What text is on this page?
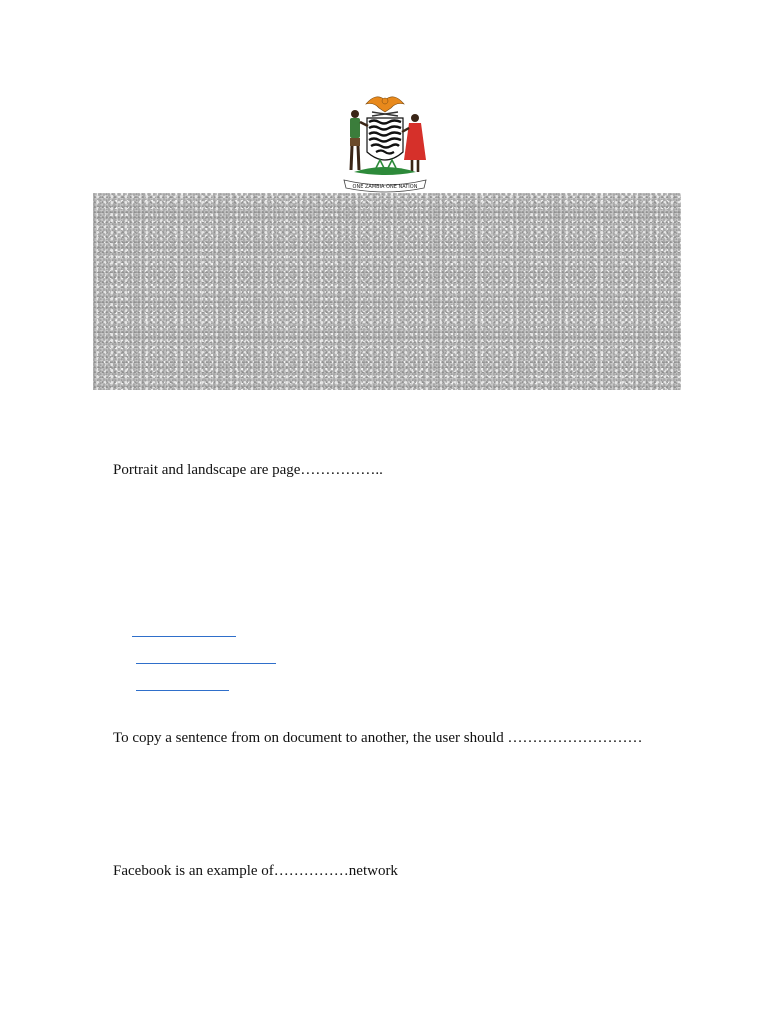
ONE ZAMBIA ONE NATION
Portrait and landscape are page……………..
To copy a sentence from on document to another, the user should ………………………
Facebook is an example of……………network
